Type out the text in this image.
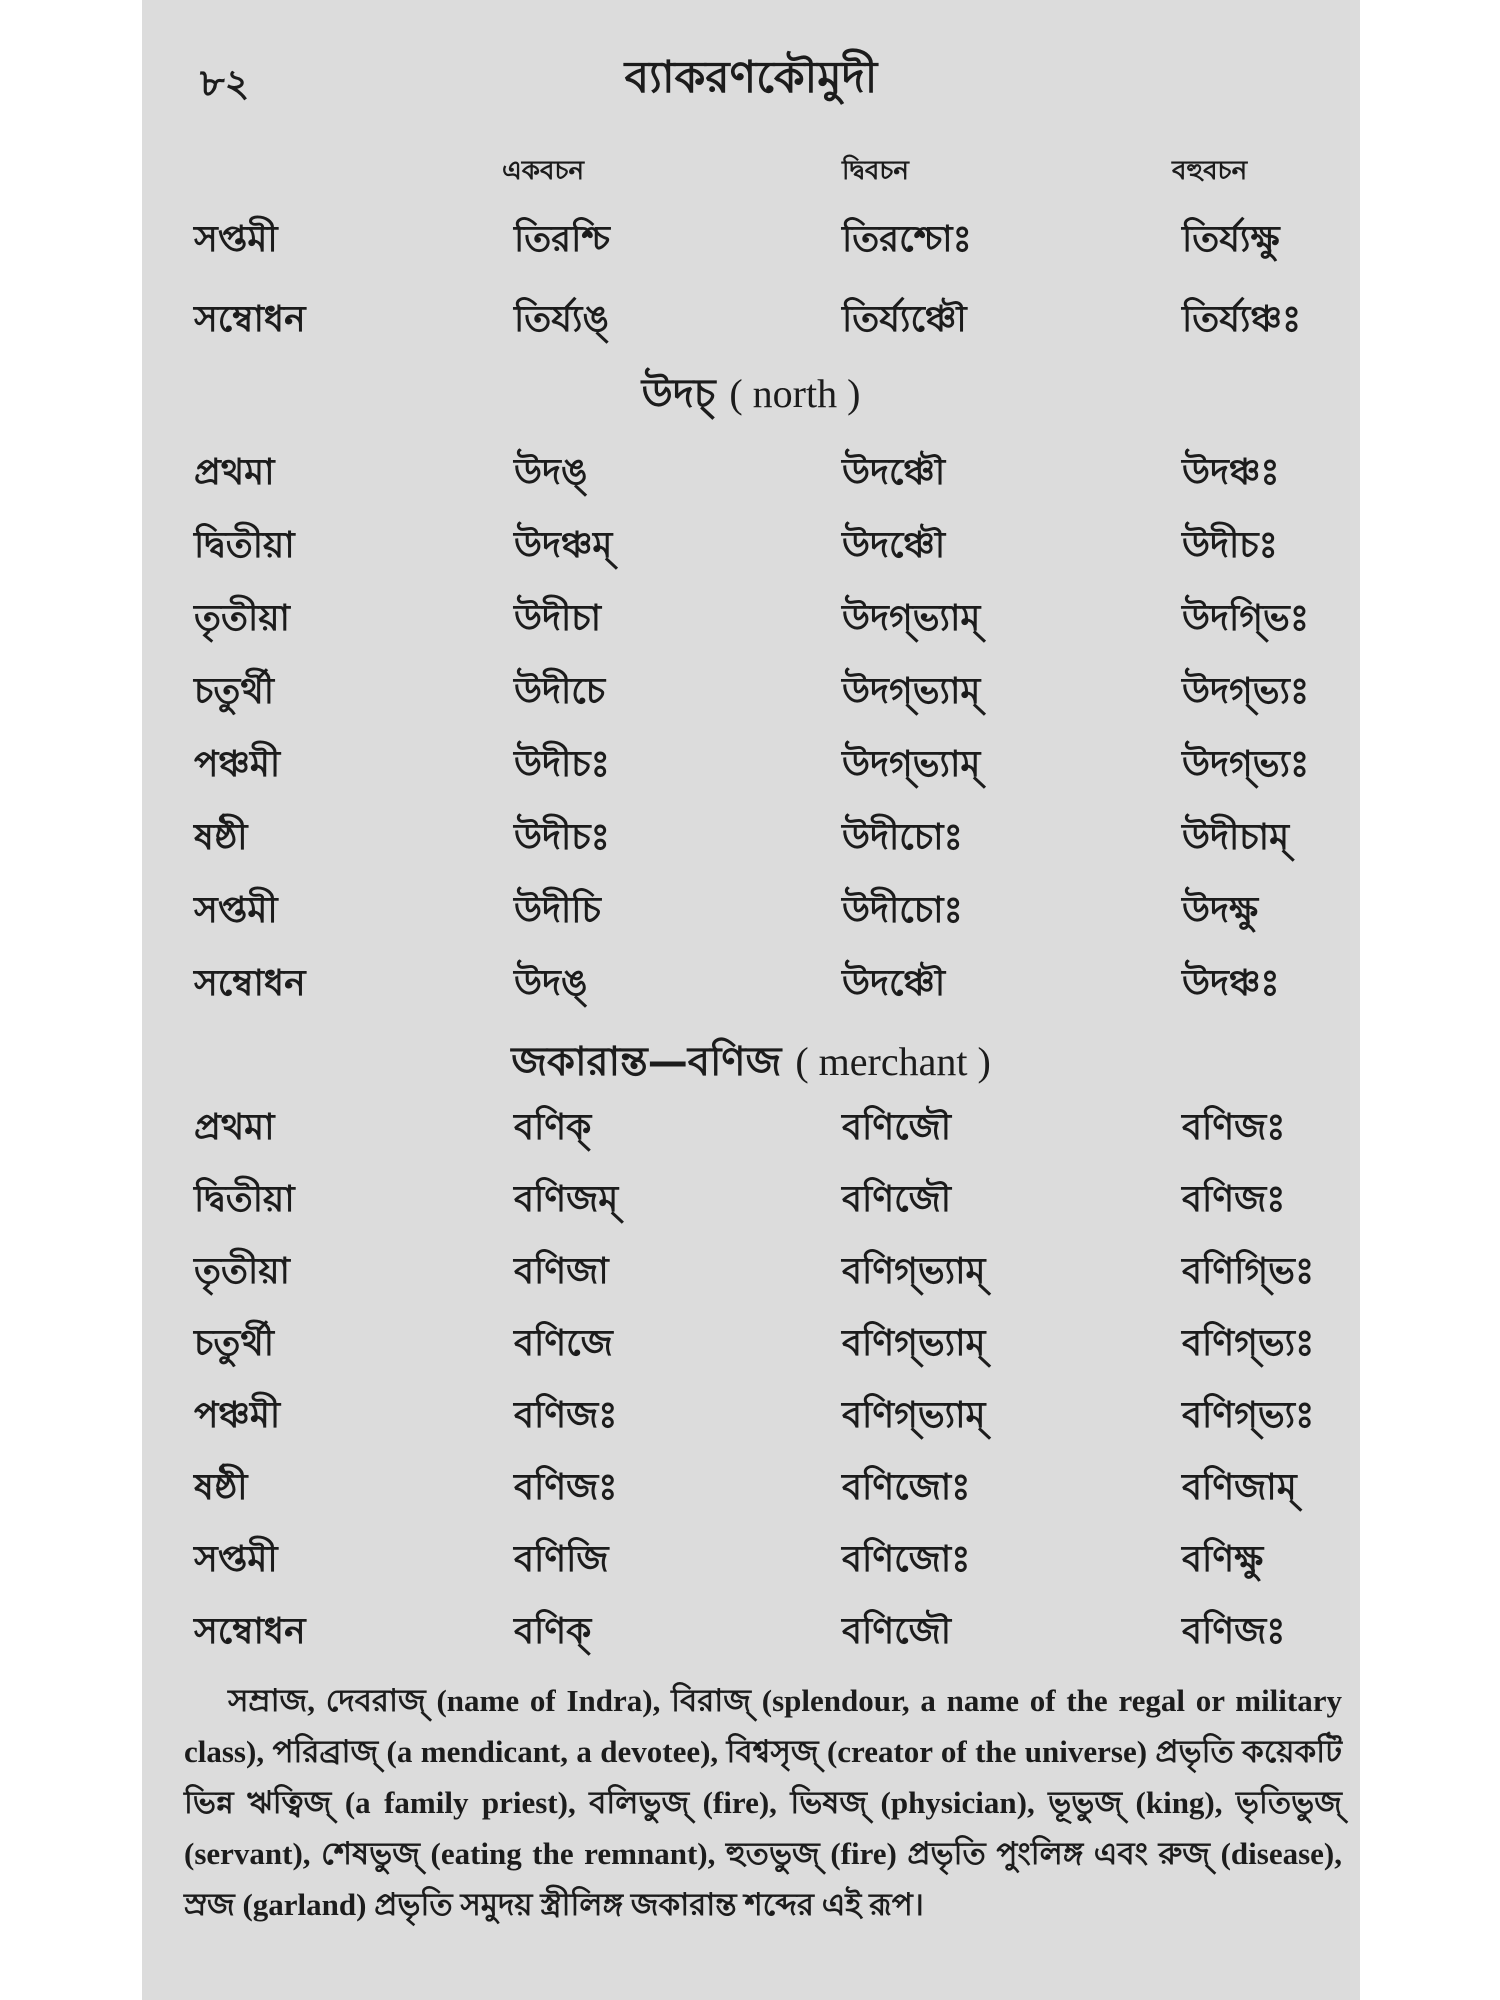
৮২	ব্যাকরণকৌমুদী
একবচন	দ্বিবচন	বহুবচন
সপ্তমী	তিরশ্চি	তিরশ্চোঃ	তির্য্যক্ষু
সম্বোধন	তির্য্যঙ্	তির্য্যঞ্চৌ	তির্য্যঞ্চঃ
উদচ্ ( north )
প্রথমা	উদঙ্	উদঞ্চৌ	উদঞ্চঃ
দ্বিতীয়া	উদঞ্চম্	উদঞ্চৌ	উদীচঃ
তৃতীয়া	উদীচা	উদগ্ভ্যাম্	উদগ্ভিঃ
চতুর্থী	উদীচে	উদগ্ভ্যাম্	উদগ্ভ্যঃ
পঞ্চমী	উদীচঃ	উদগ্ভ্যাম্	উদগ্ভ্যঃ
ষষ্ঠী	উদীচঃ	উদীচোঃ	উদীচাম্
সপ্তমী	উদীচি	উদীচোঃ	উদক্ষু
সম্বোধন	উদঙ্	উদঞ্চৌ	উদঞ্চঃ
জকারান্ত—বণিজ ( merchant )
প্রথমা	বণিক্	বণিজৌ	বণিজঃ
দ্বিতীয়া	বণিজম্	বণিজৌ	বণিজঃ
তৃতীয়া	বণিজা	বণিগ্ভ্যাম্	বণিগ্ভিঃ
চতুর্থী	বণিজে	বণিগ্ভ্যাম্	বণিগ্ভ্যঃ
পঞ্চমী	বণিজঃ	বণিগ্ভ্যাম্	বণিগ্ভ্যঃ
ষষ্ঠী	বণিজঃ	বণিজোঃ	বণিজাম্
সপ্তমী	বণিজি	বণিজোঃ	বণিক্ষু
সম্বোধন	বণিক্	বণিজৌ	বণিজঃ
সম্রাজ, দেবরাজ্ (name of Indra), বিরাজ্ (splendour, a name of the regal or military class), পরিব্রাজ্ (a mendicant, a devotee), বিশ্বসৃজ্ (creator of the universe) প্রভৃতি কয়েকটি ভিন্ন ঋত্বিজ্ (a family priest), বলিভুজ্ (fire), ভিষজ্ (physician), ভূভুজ্ (king), ভৃতিভুজ্ (servant), শেষভুজ্ (eating the remnant), হুতভুজ্ (fire) প্রভৃতি পুংলিঙ্গ এবং রুজ্ (disease), স্রজ (garland) প্রভৃতি সমুদয় স্ত্রীলিঙ্গ জকারান্ত শব্দের এই রূপ।
